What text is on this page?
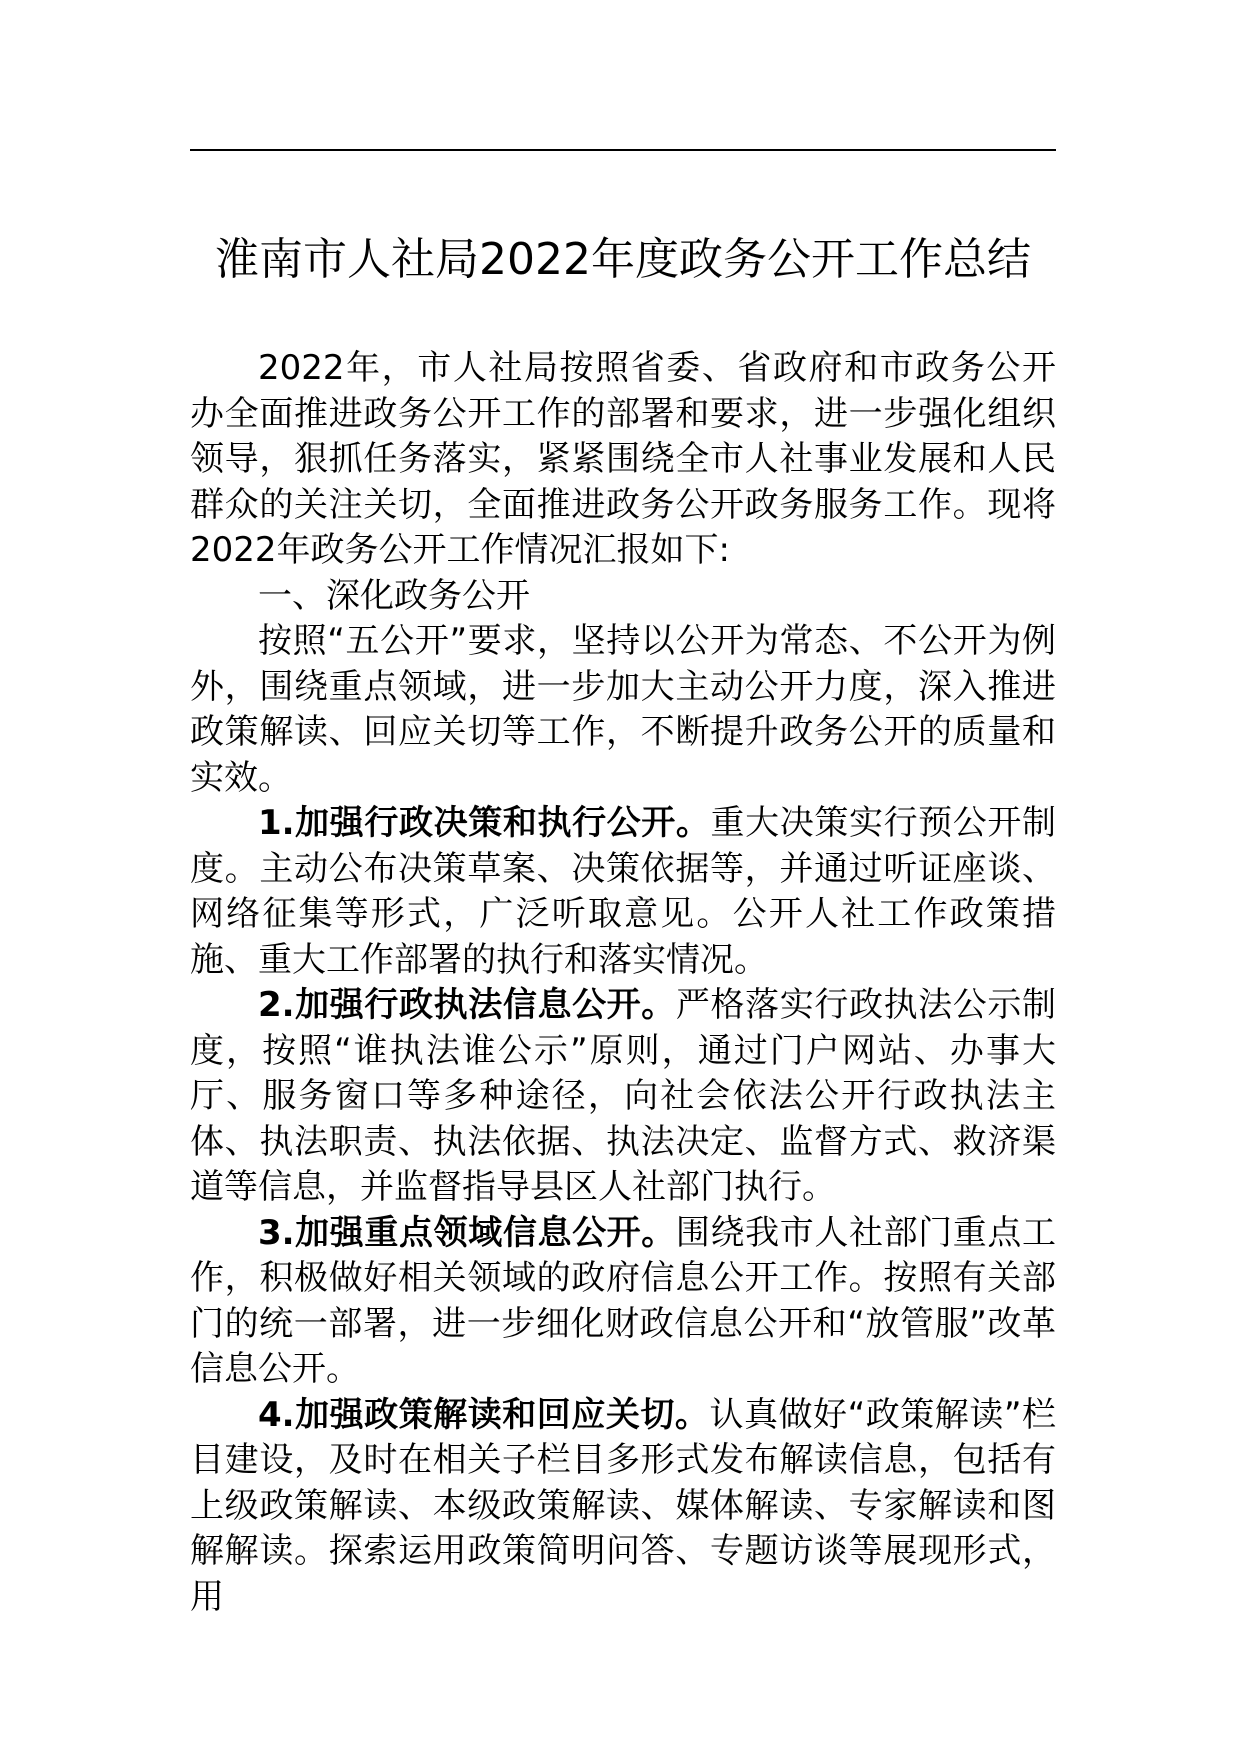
淮南市人社局2022年度政务公开工作总结

2022年，市人社局按照省委、省政府和市政务公开办全面推进政务公开工作的部署和要求，进一步强化组织领导，狠抓任务落实，紧紧围绕全市人社事业发展和人民群众的关注关切，全面推进政务公开政务服务工作。现将2022年政务公开工作情况汇报如下:

一、深化政务公开

按照“五公开”要求，坚持以公开为常态、不公开为例外，围绕重点领域，进一步加大主动公开力度，深入推进政策解读、回应关切等工作，不断提升政务公开的质量和实效。

1.加强行政决策和执行公开。重大决策实行预公开制度。主动公布决策草案、决策依据等，并通过听证座谈、网络征集等形式，广泛听取意见。公开人社工作政策措施、重大工作部署的执行和落实情况。

2.加强行政执法信息公开。严格落实行政执法公示制度，按照“谁执法谁公示”原则，通过门户网站、办事大厅、服务窗口等多种途径，向社会依法公开行政执法主体、执法职责、执法依据、执法决定、监督方式、救济渠道等信息，并监督指导县区人社部门执行。

3.加强重点领域信息公开。围绕我市人社部门重点工作，积极做好相关领域的政府信息公开工作。按照有关部门的统一部署，进一步细化财政信息公开和“放管服”改革信息公开。

4.加强政策解读和回应关切。认真做好“政策解读”栏目建设，及时在相关子栏目多形式发布解读信息，包括有上级政策解读、本级政策解读、媒体解读、专家解读和图解解读。探索运用政策简明问答、专题访谈等展现形式，用
